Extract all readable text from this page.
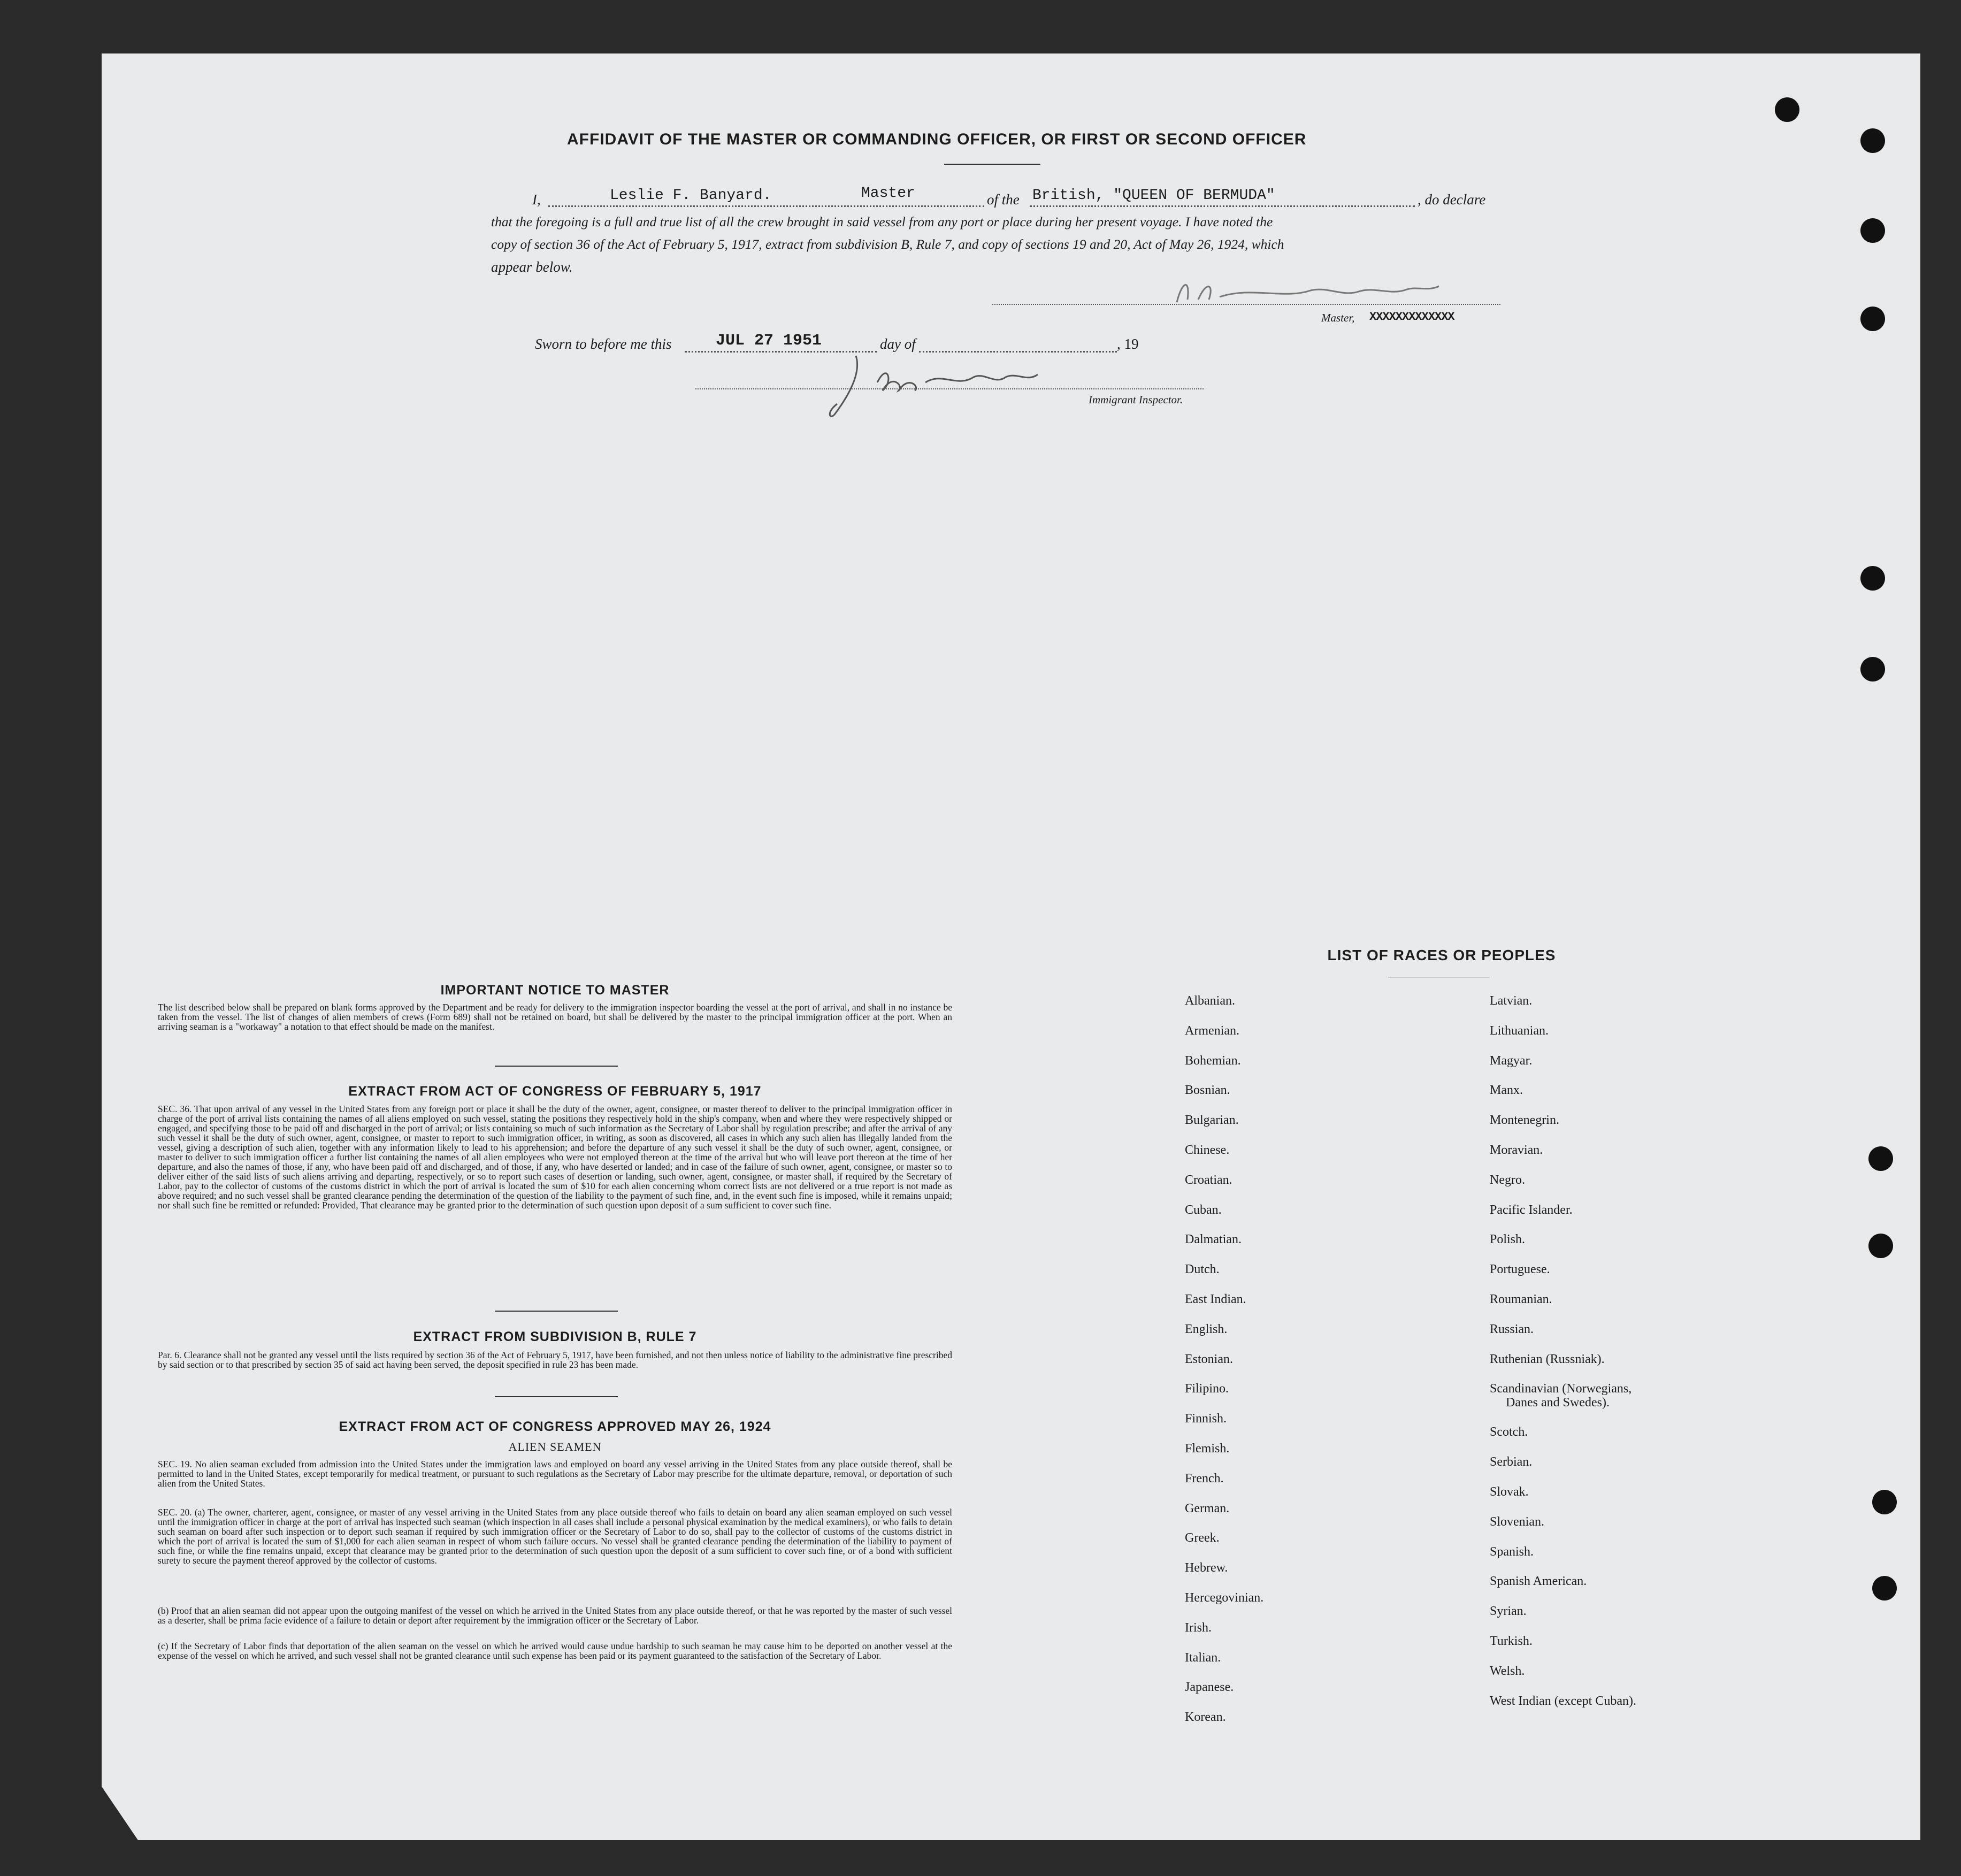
AFFIDAVIT OF THE MASTER OR COMMANDING OFFICER, OR FIRST OR SECOND OFFICER
I,	Leslie F. Banyard.	Master	of the British, "QUEEN OF BERMUDA"	, do declare
that the foregoing is a full and true list of all the crew brought in said vessel from any port or place during her present voyage. I have noted the
copy of section 36 of the Act of February 5, 1917, extract from subdivision B, Rule 7, and copy of sections 19 and 20, Act of May 26, 1924, which
appear below.
Master, XXXXXXXXXXXXX
Sworn to before me this	JUL 27 1951	day of	, 19
Immigrant Inspector.
IMPORTANT NOTICE TO MASTER
The list described below shall be prepared on blank forms approved by the Department and be ready for delivery to the immigration inspector boarding the vessel at the port of arrival, and shall in no instance be taken from the vessel. The list of changes of alien members of crews (Form 689) shall not be retained on board, but shall be delivered by the master to the principal immigration officer at the port. When an arriving seaman is a "workaway" a notation to that effect should be made on the manifest.
EXTRACT FROM ACT OF CONGRESS OF FEBRUARY 5, 1917
SEC. 36. That upon arrival of any vessel in the United States from any foreign port or place it shall be the duty of the owner, agent, consignee, or master thereof to deliver to the principal immigration officer in charge of the port of arrival lists containing the names of all aliens employed on such vessel, stating the positions they respectively hold in the ship's company, when and where they were respectively shipped or engaged, and specifying those to be paid off and discharged in the port of arrival; or lists containing so much of such information as the Secretary of Labor shall by regulation prescribe; and after the arrival of any such vessel it shall be the duty of such owner, agent, consignee, or master to report to such immigration officer, in writing, as soon as discovered, all cases in which any such alien has illegally landed from the vessel, giving a description of such alien, together with any information likely to lead to his apprehension; and before the departure of any such vessel it shall be the duty of such owner, agent, consignee, or master to deliver to such immigration officer a further list containing the names of all alien employees who were not employed thereon at the time of the arrival but who will leave port thereon at the time of her departure, and also the names of those, if any, who have been paid off and discharged, and of those, if any, who have deserted or landed; and in case of the failure of such owner, agent, consignee, or master so to deliver either of the said lists of such aliens arriving and departing, respectively, or so to report such cases of desertion or landing, such owner, agent, consignee, or master shall, if required by the Secretary of Labor, pay to the collector of customs of the customs district in which the port of arrival is located the sum of $10 for each alien concerning whom correct lists are not delivered or a true report is not made as above required; and no such vessel shall be granted clearance pending the determination of the question of the liability to the payment of such fine, and, in the event such fine is imposed, while it remains unpaid; nor shall such fine be remitted or refunded: Provided, That clearance may be granted prior to the determination of such question upon deposit of a sum sufficient to cover such fine.
EXTRACT FROM SUBDIVISION B, RULE 7
Par. 6. Clearance shall not be granted any vessel until the lists required by section 36 of the Act of February 5, 1917, have been furnished, and not then unless notice of liability to the administrative fine prescribed by said section or to that prescribed by section 35 of said act having been served, the deposit specified in rule 23 has been made.
EXTRACT FROM ACT OF CONGRESS APPROVED MAY 26, 1924
ALIEN SEAMEN
SEC. 19. No alien seaman excluded from admission into the United States under the immigration laws and employed on board any vessel arriving in the United States from any place outside thereof, shall be permitted to land in the United States, except temporarily for medical treatment, or pursuant to such regulations as the Secretary of Labor may prescribe for the ultimate departure, removal, or deportation of such alien from the United States.
SEC. 20. (a) The owner, charterer, agent, consignee, or master of any vessel arriving in the United States from any place outside thereof who fails to detain on board any alien seaman employed on such vessel until the immigration officer in charge at the port of arrival has inspected such seaman (which inspection in all cases shall include a personal physical examination by the medical examiners), or who fails to detain such seaman on board after such inspection or to deport such seaman if required by such immigration officer or the Secretary of Labor to do so, shall pay to the collector of customs of the customs district in which the port of arrival is located the sum of $1,000 for each alien seaman in respect of whom such failure occurs. No vessel shall be granted clearance pending the determination of the liability to payment of such fine, or while the fine remains unpaid, except that clearance may be granted prior to the determination of such question upon the deposit of a sum sufficient to cover such fine, or of a bond with sufficient surety to secure the payment thereof approved by the collector of customs.
(b) Proof that an alien seaman did not appear upon the outgoing manifest of the vessel on which he arrived in the United States from any place outside thereof, or that he was reported by the master of such vessel as a deserter, shall be prima facie evidence of a failure to detain or deport after requirement by the immigration officer or the Secretary of Labor.
(c) If the Secretary of Labor finds that deportation of the alien seaman on the vessel on which he arrived would cause undue hardship to such seaman he may cause him to be deported on another vessel at the expense of the vessel on which he arrived, and such vessel shall not be granted clearance until such expense has been paid or its payment guaranteed to the satisfaction of the Secretary of Labor.
LIST OF RACES OR PEOPLES
Albanian.
Armenian.
Bohemian.
Bosnian.
Bulgarian.
Chinese.
Croatian.
Cuban.
Dalmatian.
Dutch.
East Indian.
English.
Estonian.
Filipino.
Finnish.
Flemish.
French.
German.
Greek.
Hebrew.
Hercegovinian.
Irish.
Italian.
Japanese.
Korean.
Latvian.
Lithuanian.
Magyar.
Manx.
Montenegrin.
Moravian.
Negro.
Pacific Islander.
Polish.
Portuguese.
Roumanian.
Russian.
Ruthenian (Russniak).
Scandinavian (Norwegians,
Danes and Swedes).
Scotch.
Serbian.
Slovak.
Slovenian.
Spanish.
Spanish American.
Syrian.
Turkish.
Welsh.
West Indian (except Cuban).
